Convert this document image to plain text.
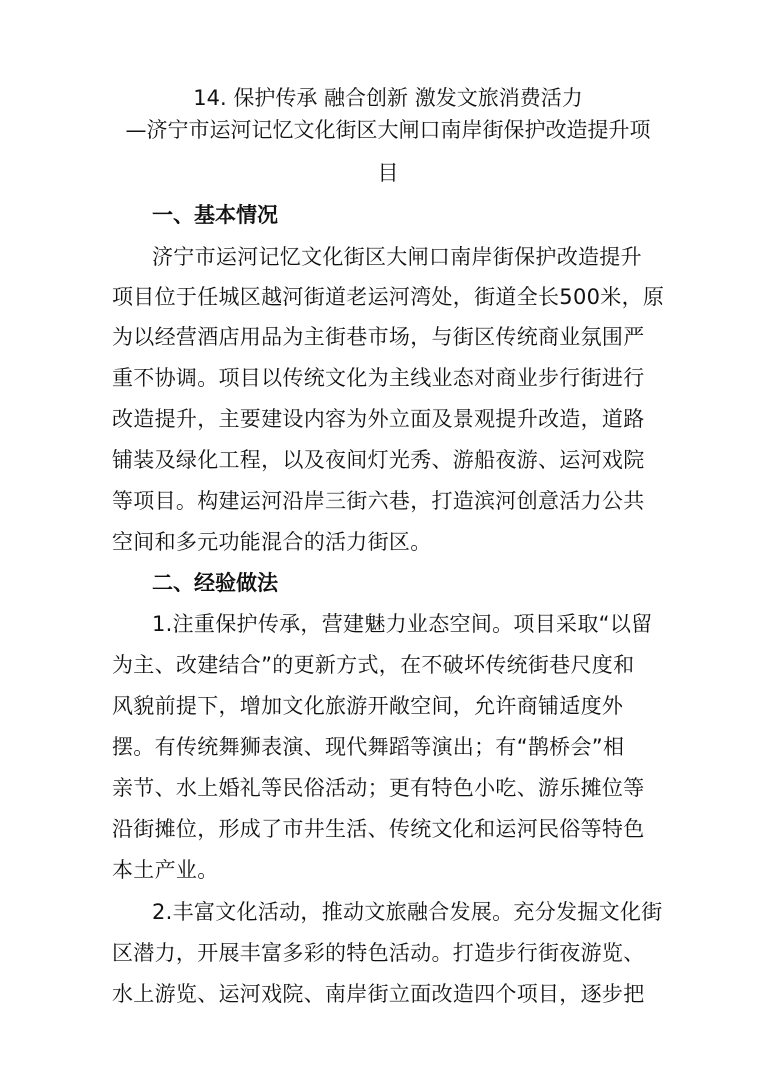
14. 保护传承 融合创新 激发文旅消费活力
—济宁市运河记忆文化街区大闸口南岸街保护改造提升项
目
一、基本情况
济宁市运河记忆文化街区大闸口南岸街保护改造提升
项目位于任城区越河街道老运河湾处，街道全长500米，原
为以经营酒店用品为主街巷市场，与街区传统商业氛围严
重不协调。项目以传统文化为主线业态对商业步行街进行
改造提升，主要建设内容为外立面及景观提升改造，道路
铺装及绿化工程，以及夜间灯光秀、游船夜游、运河戏院
等项目。构建运河沿岸三街六巷，打造滨河创意活力公共
空间和多元功能混合的活力街区。
二、经验做法
1.注重保护传承，营建魅力业态空间。项目采取“以留
为主、改建结合”的更新方式，在不破坏传统街巷尺度和
风貌前提下，增加文化旅游开敞空间，允许商铺适度外
摆。有传统舞狮表演、现代舞蹈等演出；有“鹊桥会”相
亲节、水上婚礼等民俗活动；更有特色小吃、游乐摊位等
沿街摊位，形成了市井生活、传统文化和运河民俗等特色
本土产业。
2.丰富文化活动，推动文旅融合发展。充分发掘文化街
区潜力，开展丰富多彩的特色活动。打造步行街夜游览、
水上游览、运河戏院、南岸街立面改造四个项目，逐步把
